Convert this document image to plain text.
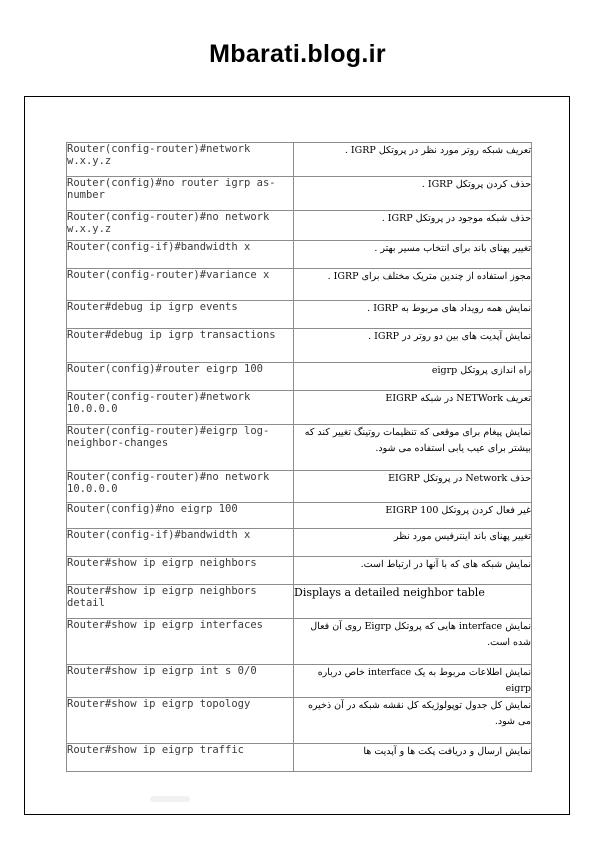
Mbarati.blog.ir
Router(config-router)#network w.x.y.z	تعریف شبکه روتر مورد نظر در پروتکل IGRP .
Router(config)#no router igrp as-number	حذف کردن پروتکل IGRP .
Router(config-router)#no network w.x.y.z	حذف شبکه موجود در پروتکل IGRP .
Router(config-if)#bandwidth x	تغییر پهنای باند برای انتخاب مسیر بهتر .
Router(config-router)#variance x	مجوز استفاده از چندین متریک مختلف برای IGRP .
Router#debug ip igrp events	نمایش همه رویداد های مربوط به IGRP .
Router#debug ip igrp transactions	نمایش آپدیت های بین دو روتر در IGRP .
Router(config)#router eigrp 100	راه اندازی پروتکل eigrp
Router(config-router)#network 10.0.0.0	تعریف NETWork در شبکه EIGRP
Router(config-router)#eigrp log-neighbor-changes	نمایش پیغام برای موقعی که تنظیمات روتینگ تغییر کند که بیشتر برای عیب یابی استفاده می شود.
Router(config-router)#no network 10.0.0.0	حذف Network در پروتکل EIGRP
Router(config)#no eigrp 100	غیر فعال کردن پروتکل EIGRP 100
Router(config-if)#bandwidth x	تغییر پهنای باند اینترفیس مورد نظر
Router#show ip eigrp neighbors	نمایش شبکه های که با آنها در ارتباط است.
Router#show ip eigrp neighbors detail	Displays a detailed neighbor table
Router#show ip eigrp interfaces	نمایش interface هایی که پروتکل Eigrp روی آن فعال شده است.
Router#show ip eigrp int s 0/0	نمایش اطلاعات مربوط به یک interface خاص درباره eigrp
Router#show ip eigrp topology	نمایش کل جدول توپولوژیکه کل نقشه شبکه در آن ذخیره می شود.
Router#show ip eigrp traffic	نمایش ارسال و دریافت پکت ها و آپدیت ها
